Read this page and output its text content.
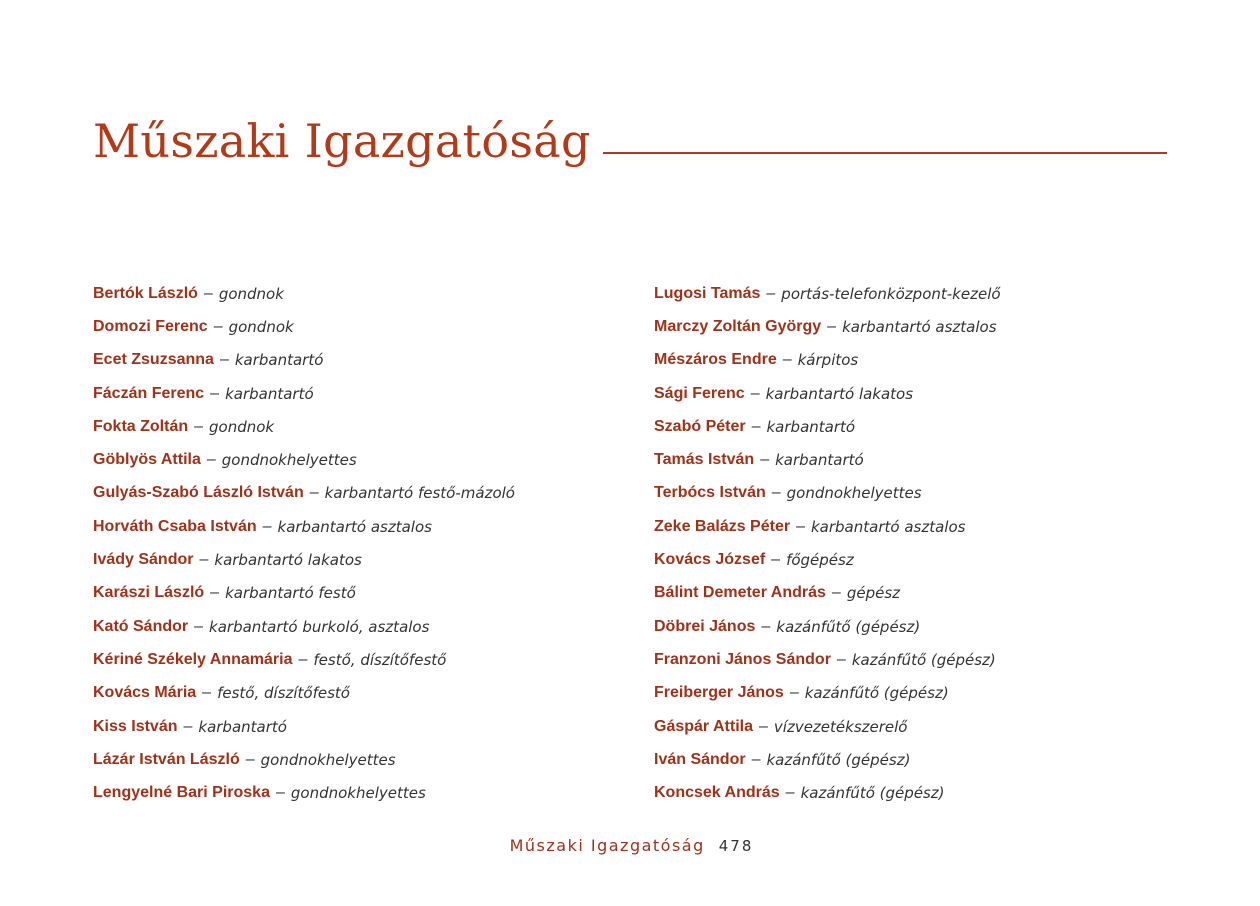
Műszaki Igazgatóság
Bertók László – gondnok
Domozi Ferenc – gondnok
Ecet Zsuzsanna – karbantartó
Fáczán Ferenc – karbantartó
Fokta Zoltán – gondnok
Göblyös Attila – gondnokhelyettes
Gulyás-Szabó László István – karbantartó festő-mázoló
Horváth Csaba István – karbantartó asztalos
Ivády Sándor – karbantartó lakatos
Karászi László – karbantartó festő
Kató Sándor – karbantartó burkoló, asztalos
Kériné Székely Annamária – festő, díszítőfestő
Kovács Mária – festő, díszítőfestő
Kiss István – karbantartó
Lázár István László – gondnokhelyettes
Lengyelné Bari Piroska – gondnokhelyettes
Lugosi Tamás – portás-telefonközpont-kezelő
Marczy Zoltán György – karbantartó asztalos
Mészáros Endre – kárpitos
Sági Ferenc – karbantartó lakatos
Szabó Péter – karbantartó
Tamás István – karbantartó
Terbócs István – gondnokhelyettes
Zeke Balázs Péter – karbantartó asztalos
Kovács József – főgépész
Bálint Demeter András – gépész
Döbrei János – kazánfűtő (gépész)
Franzoni János Sándor – kazánfűtő (gépész)
Freiberger János – kazánfűtő (gépész)
Gáspár Attila – vízvezetékszerelő
Iván Sándor – kazánfűtő (gépész)
Koncsek András – kazánfűtő (gépész)
Műszaki Igazgatóság 478
